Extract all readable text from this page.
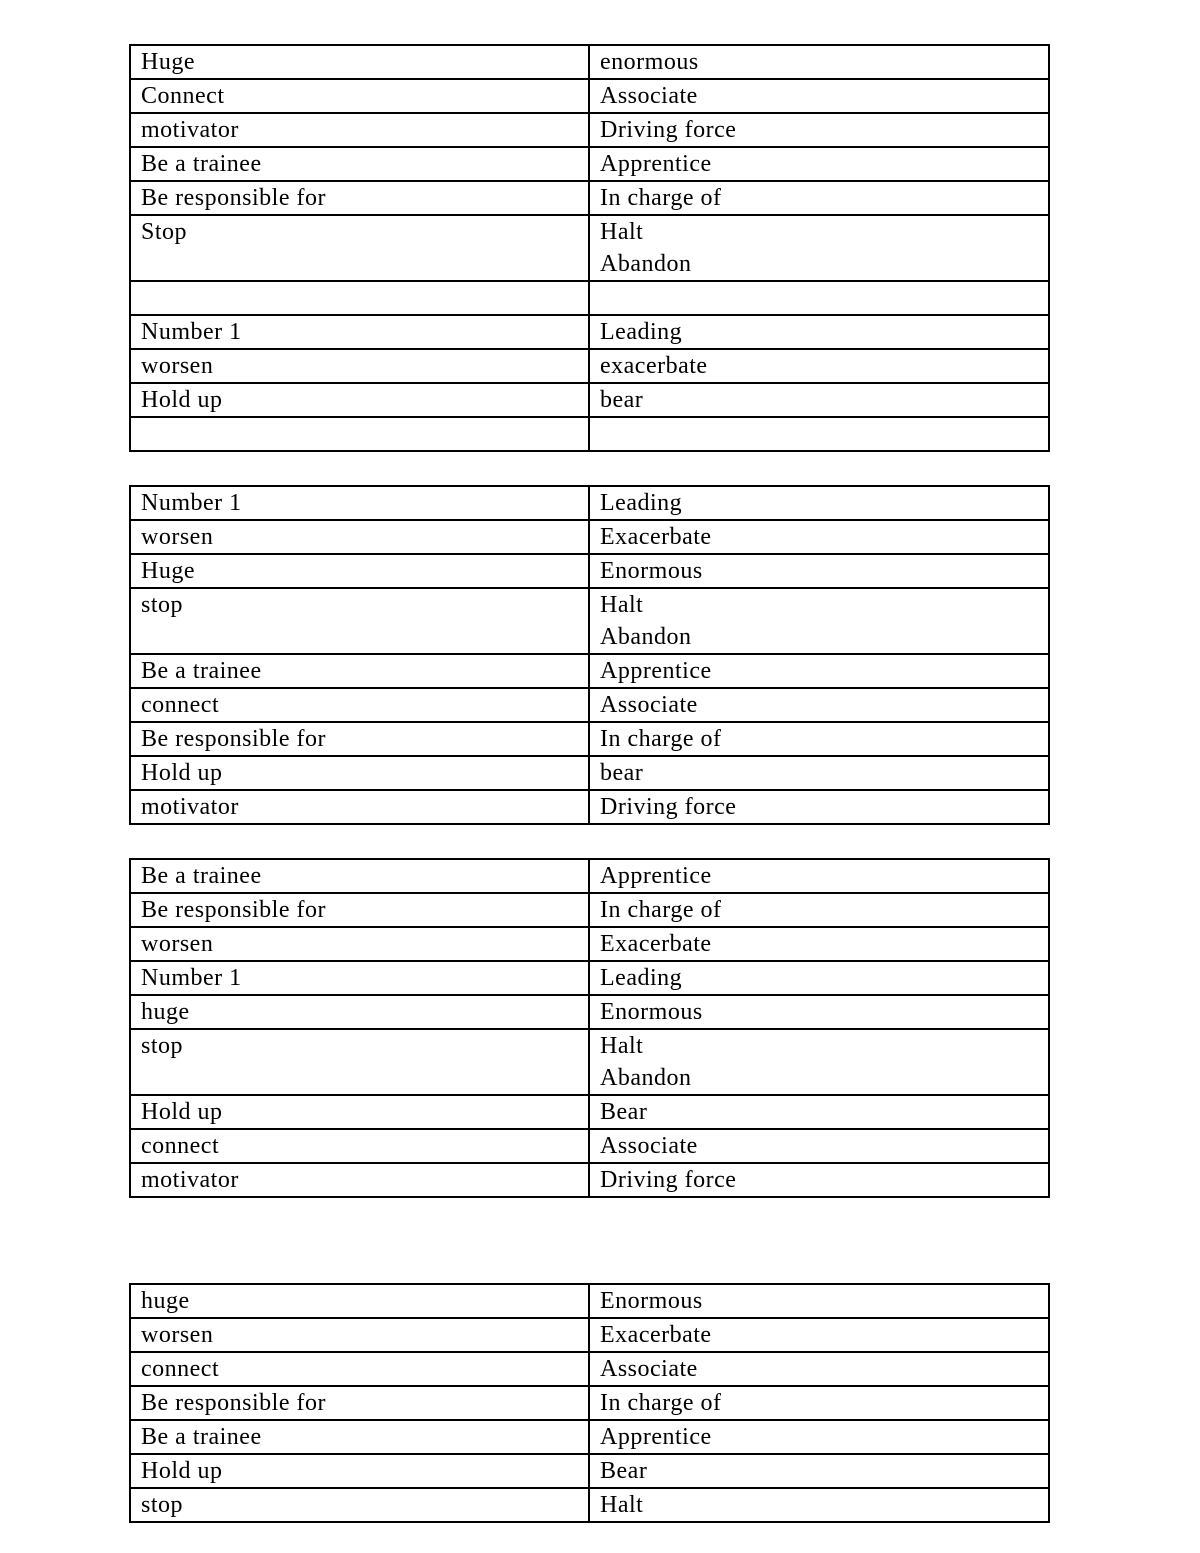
Huge	enormous
Connect	Associate
motivator	Driving force
Be a trainee	Apprentice
Be responsible for	In charge of
Stop	Halt
Abandon

Number 1	Leading
worsen	exacerbate
Hold up	bear

Number 1	Leading
worsen	Exacerbate
Huge	Enormous
stop	Halt
Abandon
Be a trainee	Apprentice
connect	Associate
Be responsible for	In charge of
Hold up	bear
motivator	Driving force
Be a trainee	Apprentice
Be responsible for	In charge of
worsen	Exacerbate
Number 1	Leading
huge	Enormous
stop	Halt
Abandon
Hold up	Bear
connect	Associate
motivator	Driving force
huge	Enormous
worsen	Exacerbate
connect	Associate
Be responsible for	In charge of
Be a trainee	Apprentice
Hold up	Bear
stop	Halt
